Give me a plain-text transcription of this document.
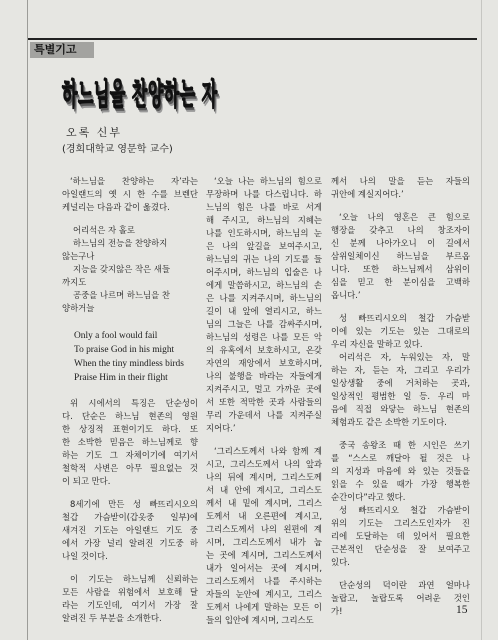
특별기고
하느님을 찬양하는 자
오록 신부
(경희대학교 영문학 교수)
‘하느님을 찬양하는 자’라는
아일랜드의 옛 시 한 수를 브렌단
케널리는 다음과 같이 옮겼다.
어리석은 자 홀로
하느님의 전능을 찬양하지
않는구나
지능을 갖지않은 작은 새들
까지도
공중을 나르며 하느님을 찬
양하거늘
Only a fool would fail
To praise God in his might
When the tiny mindless birds
Praise Him in their flight
위 시에서의 특징은 단순성이
다. 단순은 하느님 현존의 영원
한 상징적 표현이기도 하다. 또
한 소박한 믿음은 하느님께로 향
하는 기도 그 자체이기에 여기서
철학적 사변은 아무 필요없는 것
이 되고 만다.
8세기에 만든 성 빠뜨리시오의
철갑 가슴받이(갑옷중 일부)에
새겨진 기도는 아일랜드 기도 중
에서 가장 널리 알려진 기도중 하
나일 것이다.
이 기도는 하느님께 신뢰하는
모든 사람을 위험에서 보호해 달
라는 기도인데, 여기서 가장 잘
알려진 두 부분을 소개한다.
‘오늘 나는 하느님의 힘으로
무장하며 나를 다스립니다. 하
느님의 힘은 나를 바로 서게
해 주시고, 하느님의 지혜는
나를 인도하시며, 하느님의 눈
은 나의 앞길을 보여주시고,
하느님의 귀는 나의 기도를 들
어주시며, 하느님의 입술은 나
에게 말씀하시고, 하느님의 손
은 나를 지켜주시며, 하느님의
길이 내 앞에 열리시고, 하느
님의 그늘은 나를 감싸주시며,
하느님의 성령은 나를 모든 악
의 유혹에서 보호하시고, 온갖
자연의 재앙에서 보호하시며,
나의 불행을 바라는 자들에게
지켜주시고, 멀고 가까운 곳에
서 또한 적막한 곳과 사람들의
무리 가운데서 나를 지켜주실
지어다.’
‘그리스도께서 나와 함께 계
시고, 그리스도께서 나의 앞과
나의 뒤에 계시며, 그리스도께
서 내 안에 계시고, 그리스도
께서 내 밑에 계시며, 그리스
도께서 내 오른편에 계시고,
그리스도께서 나의 왼편에 계
시며, 그리스도께서 내가 눕
는 곳에 계시며, 그리스도께서
내가 일어서는 곳에 계시며,
그리스도께서 나를 주시하는
자들의 눈안에 계시고, 그리스
도께서 나에게 말하는 모든 이
들의 입안에 계시며, 그리스도
께서 나의 말을 듣는 자들의
귀안에 계실지어다.’
‘오늘 나의 영혼은 큰 힘으로
행장을 갖추고 나의 창조자이
신 분께 나아가오니 이 길에서
삼위일체이신 하느님을 부르옵
니다. 또한 하느님께서 삼위이
심을 믿고 한 분이심을 고백하
옵니다.’
성 빠뜨리시오의 철갑 가슴받
이에 있는 기도는 있는 그대로의
우리 자신을 말하고 있다.
어리석은 자, 누워있는 자, 말
하는 자, 듣는 자, 그리고 우리가
일상생활 중에 거처하는 곳과,
일상적인 평범한 일 등. 우리 마
음에 직접 와닿는 하느님 현존의
체험과도 같은 소박한 기도이다.
중국 송왕조 때 한 시인은 쓰기
를 “스스로 깨달아 될 것은 나
의 지성과 마음에 와 있는 것들을
읽을 수 있을 때가 가장 행복한
순간이다”라고 했다.
성 빠뜨리시오 철갑 가슴받이
위의 기도는 그리스도인자가 진
리에 도달하는 데 있어서 필요한
근본적인 단순성을 잘 보여주고
있다.
단순성의 덕이란 과연 얼마나
놀랍고, 놀랍도록 어려운 것인
가!	15
